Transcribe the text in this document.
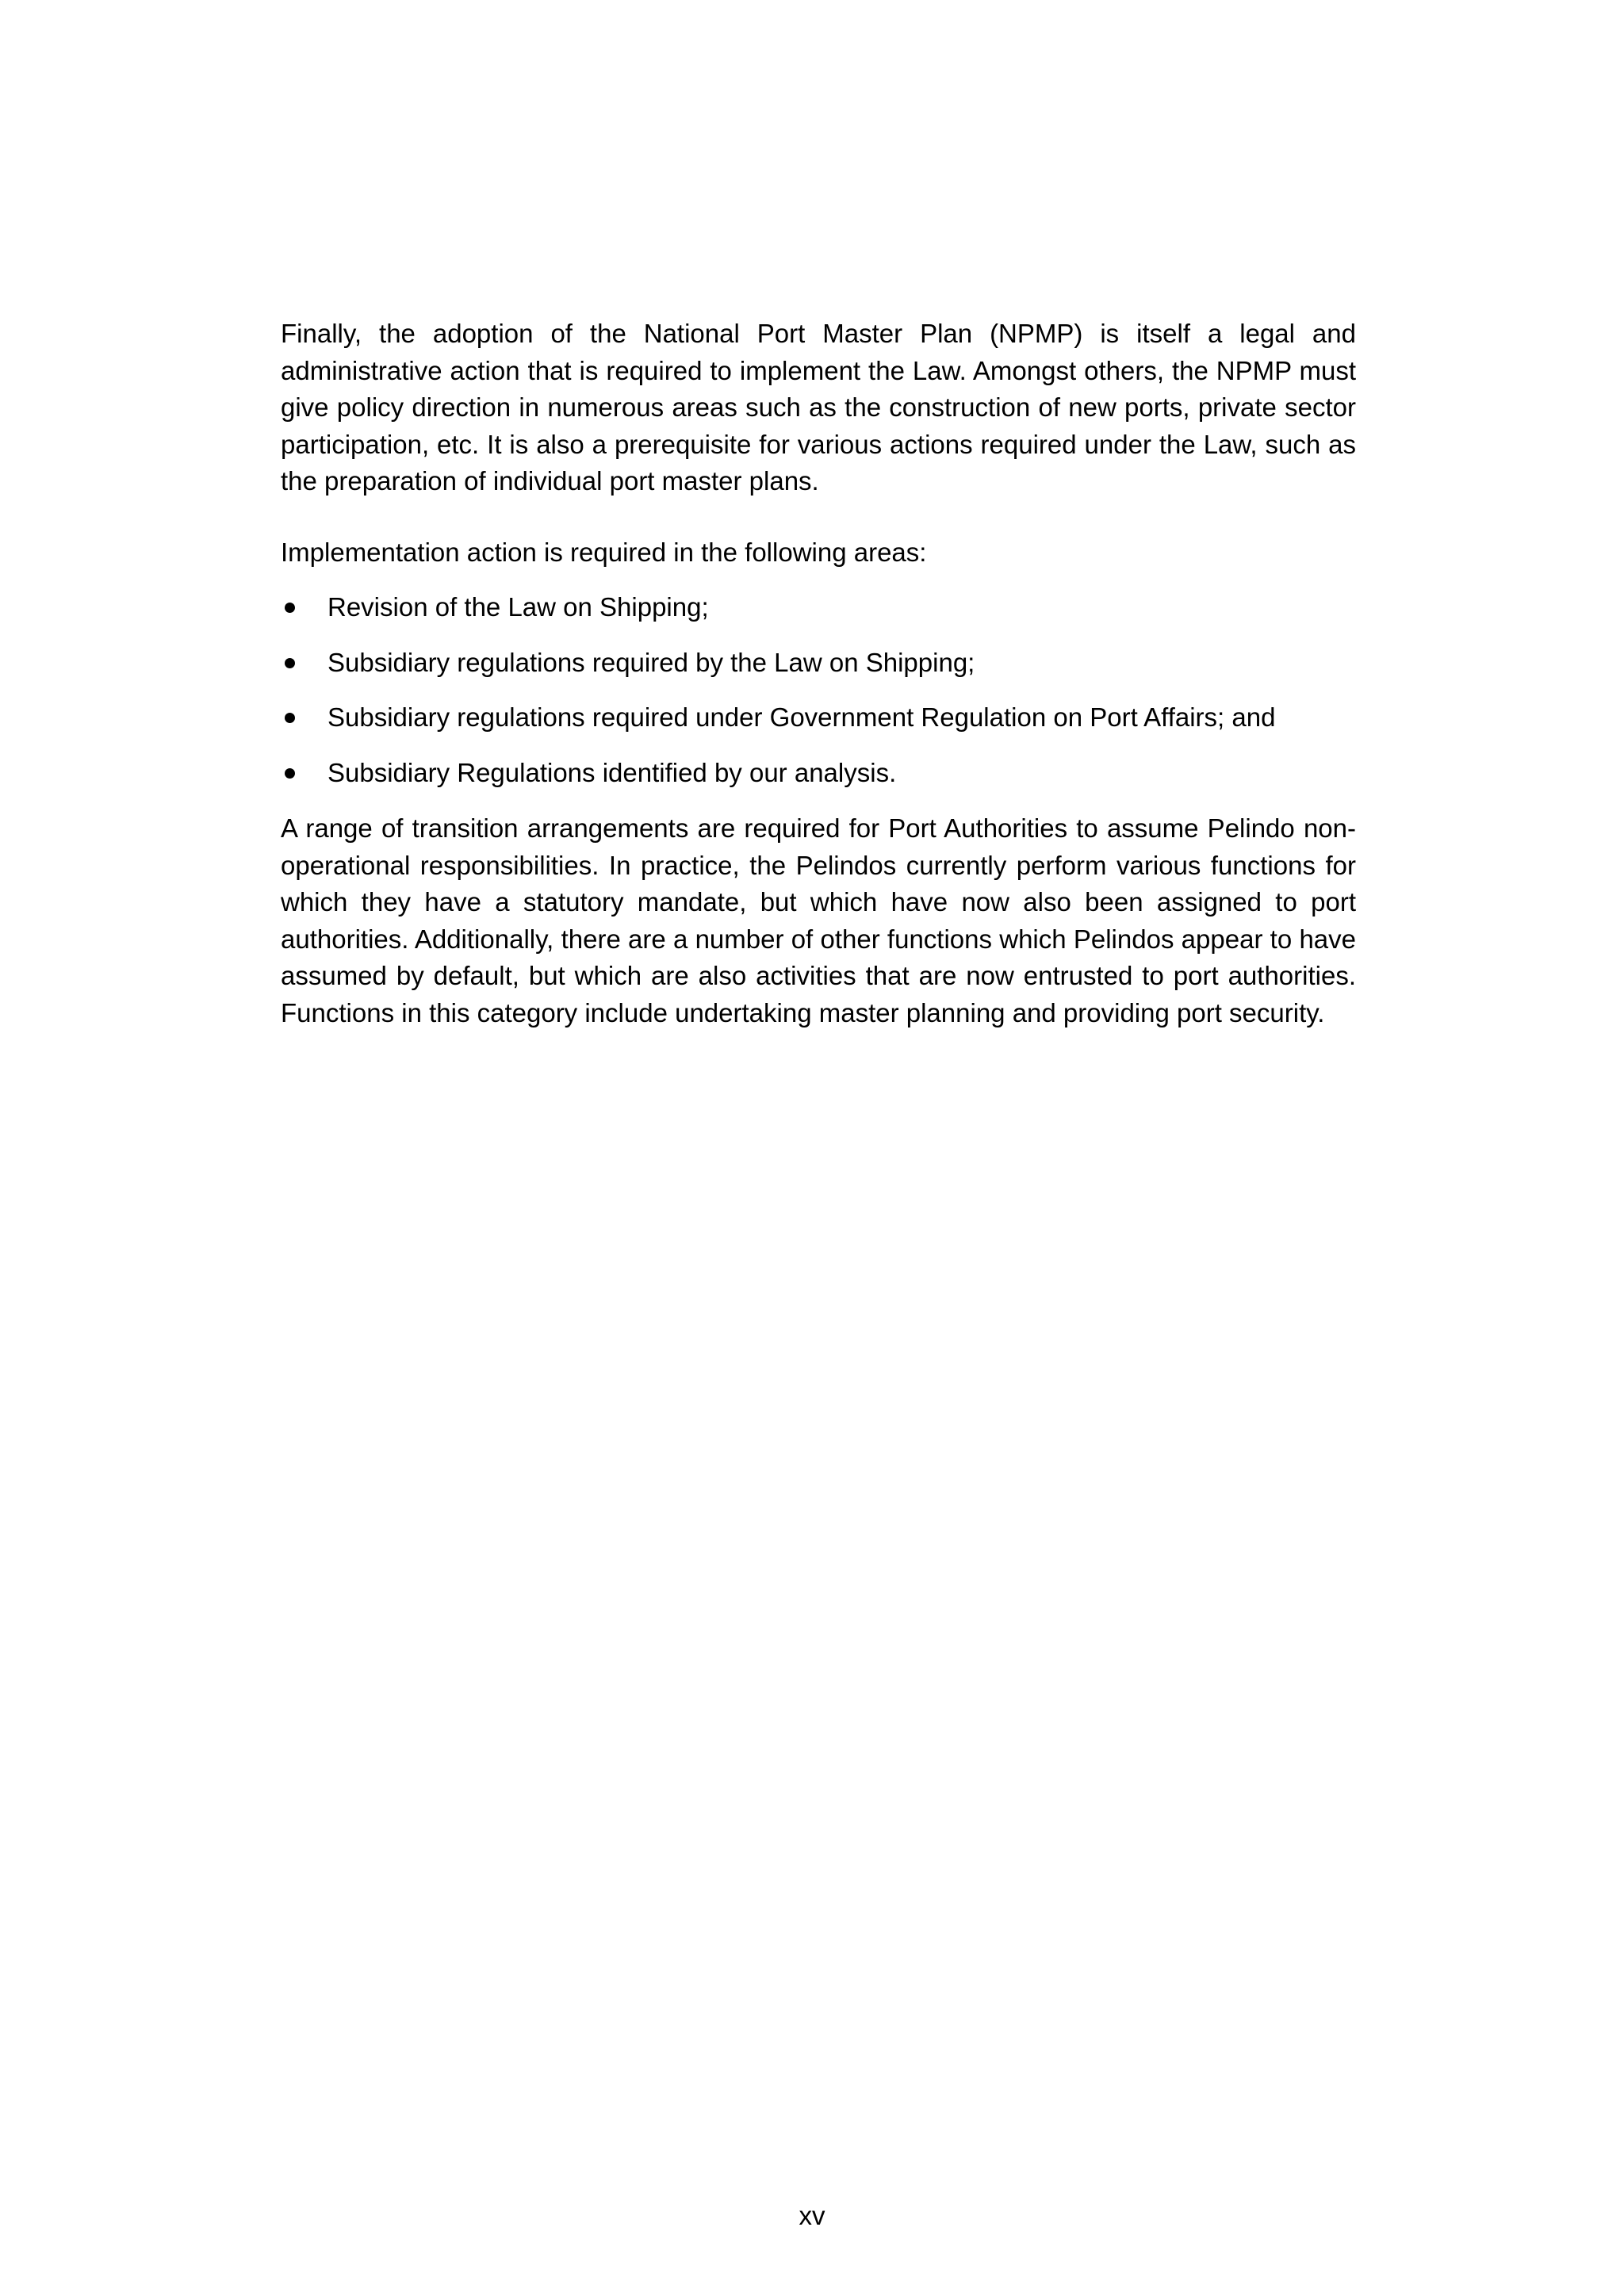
Finally, the adoption of the National Port Master Plan (NPMP) is itself a legal and administrative action that is required to implement the Law. Amongst others, the NPMP must give policy direction in numerous areas such as the construction of new ports, private sector participation, etc. It is also a prerequisite for various actions required under the Law, such as the preparation of individual port master plans.

Implementation action is required in the following areas:

Revision of the Law on Shipping;
Subsidiary regulations required by the Law on Shipping;
Subsidiary regulations required under Government Regulation on Port Affairs; and
Subsidiary Regulations identified by our analysis.

A range of transition arrangements are required for Port Authorities to assume Pelindo non-operational responsibilities. In practice, the Pelindos currently perform various functions for which they have a statutory mandate, but which have now also been assigned to port authorities. Additionally, there are a number of other functions which Pelindos appear to have assumed by default, but which are also activities that are now entrusted to port authorities. Functions in this category include undertaking master planning and providing port security.

xv
